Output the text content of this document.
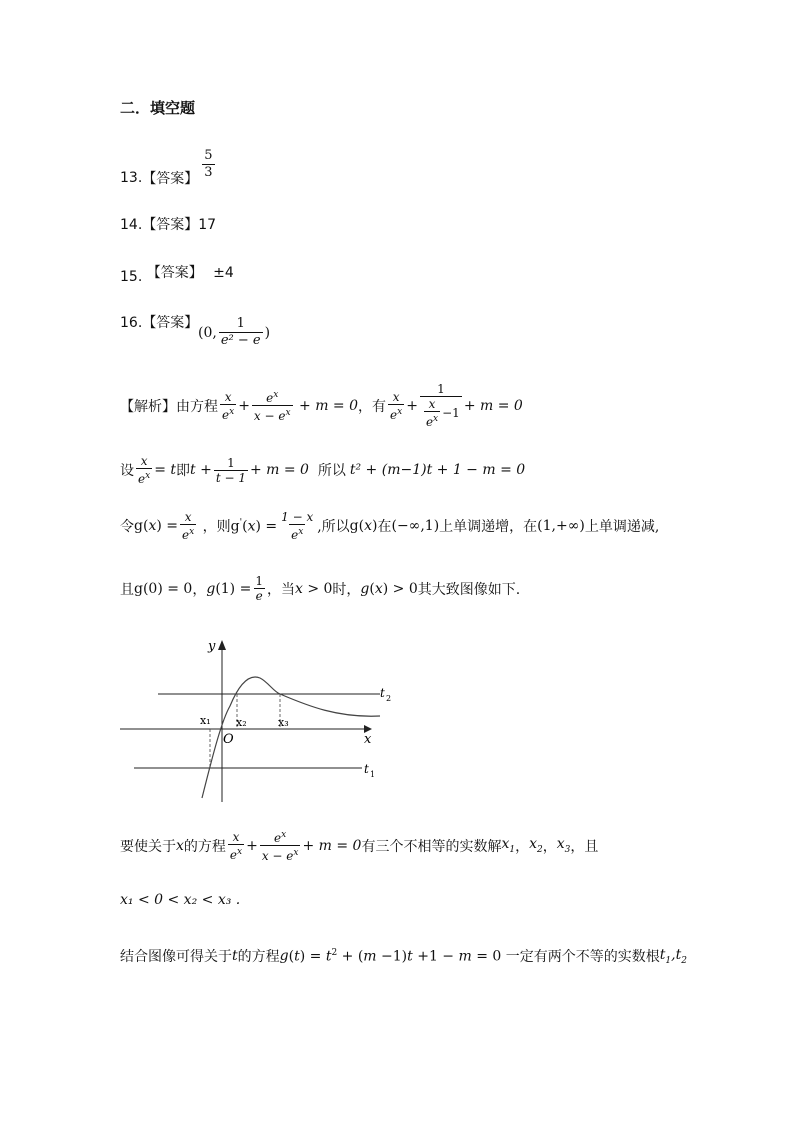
二．填空题
13. 【答案】 $\frac{5}{3}$
14.【答案】17
15. 【答案】 ±4
16.【答案】
(0, $\frac{1}{\text{e² − e}}$ )
【解析】 由方程 $\frac{x}{e^x} + \frac{e^x}{x - e^x} + m = 0$ ，有 $\frac{x}{e^x} + \frac{1}{\frac{x}{e^x} -1} + m = 0$
设 $\frac{x}{e^x} = t$ 即 $t + \frac{1}{t - 1} + m = 0$ 所以 t² + (m−1)t + 1 − m = 0
令 $g(x) = \frac{x}{e^x}$
，则 $g'(x) = \frac{1 - x}{e^x}$ ,所以 g(x) 在 (−∞,1) 上单调递增，在 (1,+∞) 上单调递减,
且 g(0) = 0 ， g $(1) = \frac{1}{e}$ ，当 x > 0 时， g (x) > 0 其大致图像如下.
y
x
O
t 2
t 1
x₁ x₂	x₃
要使关于 x 的方程 $\frac{x}{e^x} + \frac{e^x}{x - e^x} + m = 0$ 有三个不相等的实数解 $x_1$ ， $x_2$ ， $x_3$ ， 且
x₁ < 0 < x₂ < x₃ .
结合图像可得关于 t 的方程 g $(t) = t^2 + (m -1)t +1 - m = 0$ 一定有两个不等的实数根 $t_1,t_2$
